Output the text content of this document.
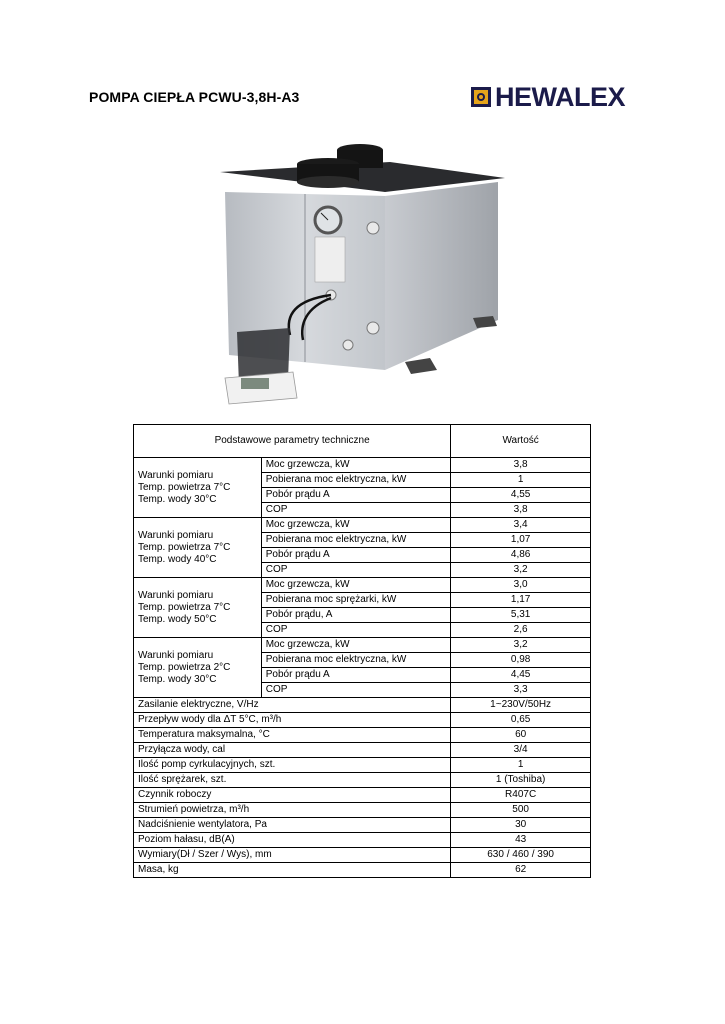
POMPA CIEPŁA PCWU-3,8H-A3	HEWALEX
Podstawowe parametry techniczne		Wartość

Warunki pomiaru
Temp. powietrza 7°C
Temp. wody 30°C	Moc grzewcza, kW	3,8
	Pobierana moc elektryczna, kW	1
	Pobór prądu A	4,55
	COP	3,8

Warunki pomiaru
Temp. powietrza 7°C
Temp. wody 40°C	Moc grzewcza, kW	3,4
	Pobierana moc elektryczna, kW	1,07
	Pobór prądu A	4,86
	COP	3,2

Warunki pomiaru
Temp. powietrza 7°C
Temp. wody 50°C	Moc grzewcza, kW	3,0
	Pobierana moc sprężarki, kW	1,17
	Pobór prądu, A	5,31
	COP	2,6

Warunki pomiaru
Temp. powietrza 2°C
Temp. wody 30°C	Moc grzewcza, kW	3,2
	Pobierana moc elektryczna, kW	0,98
	Pobór prądu A	4,45
	COP	3,3
Zasilanie elektryczne, V/Hz		1~230V/50Hz
Przepływ wody dla ΔT 5°C, m³/h		0,65
Temperatura maksymalna, °C		60
Przyłącza wody, cal		3/4
Ilość pomp cyrkulacyjnych, szt.		1
Ilość sprężarek, szt.		1 (Toshiba)
Czynnik roboczy		R407C
Strumień powietrza, m³/h		500
Nadciśnienie wentylatora, Pa		30
Poziom hałasu, dB(A)		43
Wymiary(Dł / Szer / Wys), mm		630 / 460 / 390
Masa, kg		62
